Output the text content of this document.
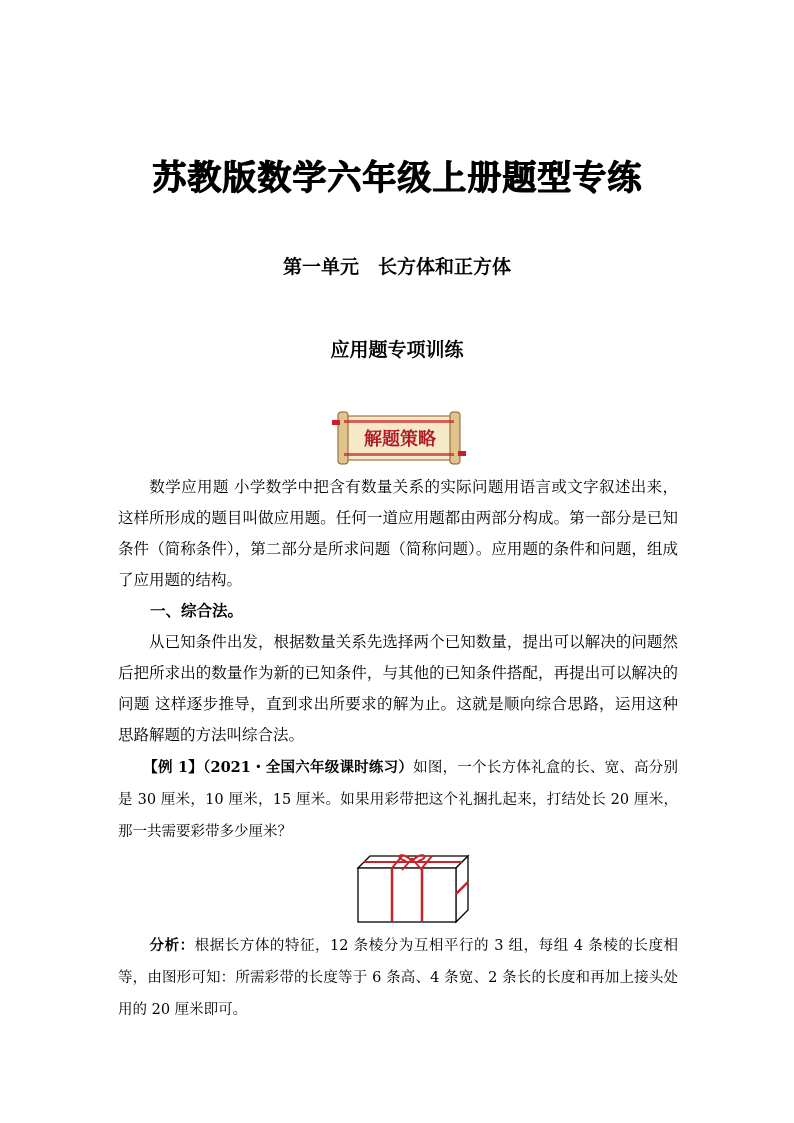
苏教版数学六年级上册题型专练
第一单元　长方体和正方体
应用题专项训练
解题策略

数学应用题 小学数学中把含有数量关系的实际问题用语言或文字叙述出来，这样所形成的题目叫做应用题。任何一道应用题都由两部分构成。第一部分是已知条件（简称条件），第二部分是所求问题（简称问题）。应用题的条件和问题，组成了应用题的结构。

一、综合法。

从已知条件出发，根据数量关系先选择两个已知数量，提出可以解决的问题然后把所求出的数量作为新的已知条件，与其他的已知条件搭配，再提出可以解决的问题 这样逐步推导，直到求出所要求的解为止。这就是顺向综合思路，运用这种思路解题的方法叫综合法。

【例 1】（2021・全国六年级课时练习）如图，一个长方体礼盒的长、宽、高分别是 30 厘米，10 厘米，15 厘米。如果用彩带把这个礼捆扎起来，打结处长 20 厘米，那一共需要彩带多少厘米？

分析：根据长方体的特征，12 条棱分为互相平行的 3 组，每组 4 条棱的长度相等，由图形可知：所需彩带的长度等于 6 条高、4 条宽、2 条长的长度和再加上接头处用的 20 厘米即可。
